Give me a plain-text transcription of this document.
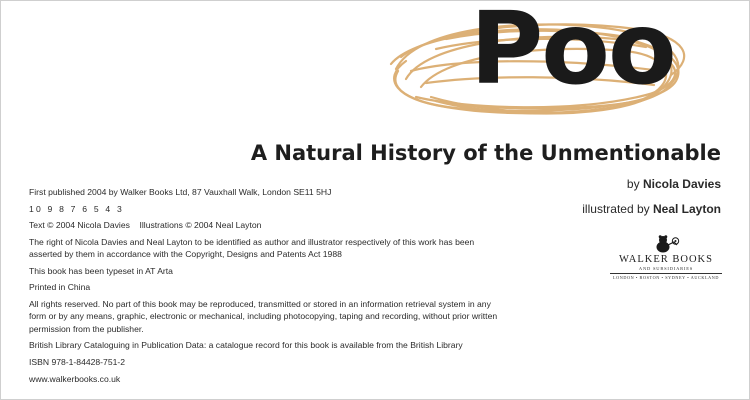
Poo
A Natural History of the Unmentionable
by Nicola Davies
illustrated by Neal Layton
WALKER BOOKS
AND SUBSIDIARIES
LONDON • BOSTON • SYDNEY • AUCKLAND

First published 2004 by Walker Books Ltd, 87 Vauxhall Walk, London SE11 5HJ

10 9 8 7 6 5 4 3

Text © 2004 Nicola Davies Illustrations © 2004 Neal Layton

The right of Nicola Davies and Neal Layton to be identified as author and illustrator respectively of this work has been asserted by them in accordance with the Copyright, Designs and Patents Act 1988

This book has been typeset in AT Arta

Printed in China

All rights reserved. No part of this book may be reproduced, transmitted or stored in an information retrieval system in any form or by any means, graphic, electronic or mechanical, including photocopying, taping and recording, without prior written permission from the publisher.

British Library Cataloguing in Publication Data: a catalogue record for this book is available from the British Library

ISBN 978-1-84428-751-2

www.walkerbooks.co.uk
